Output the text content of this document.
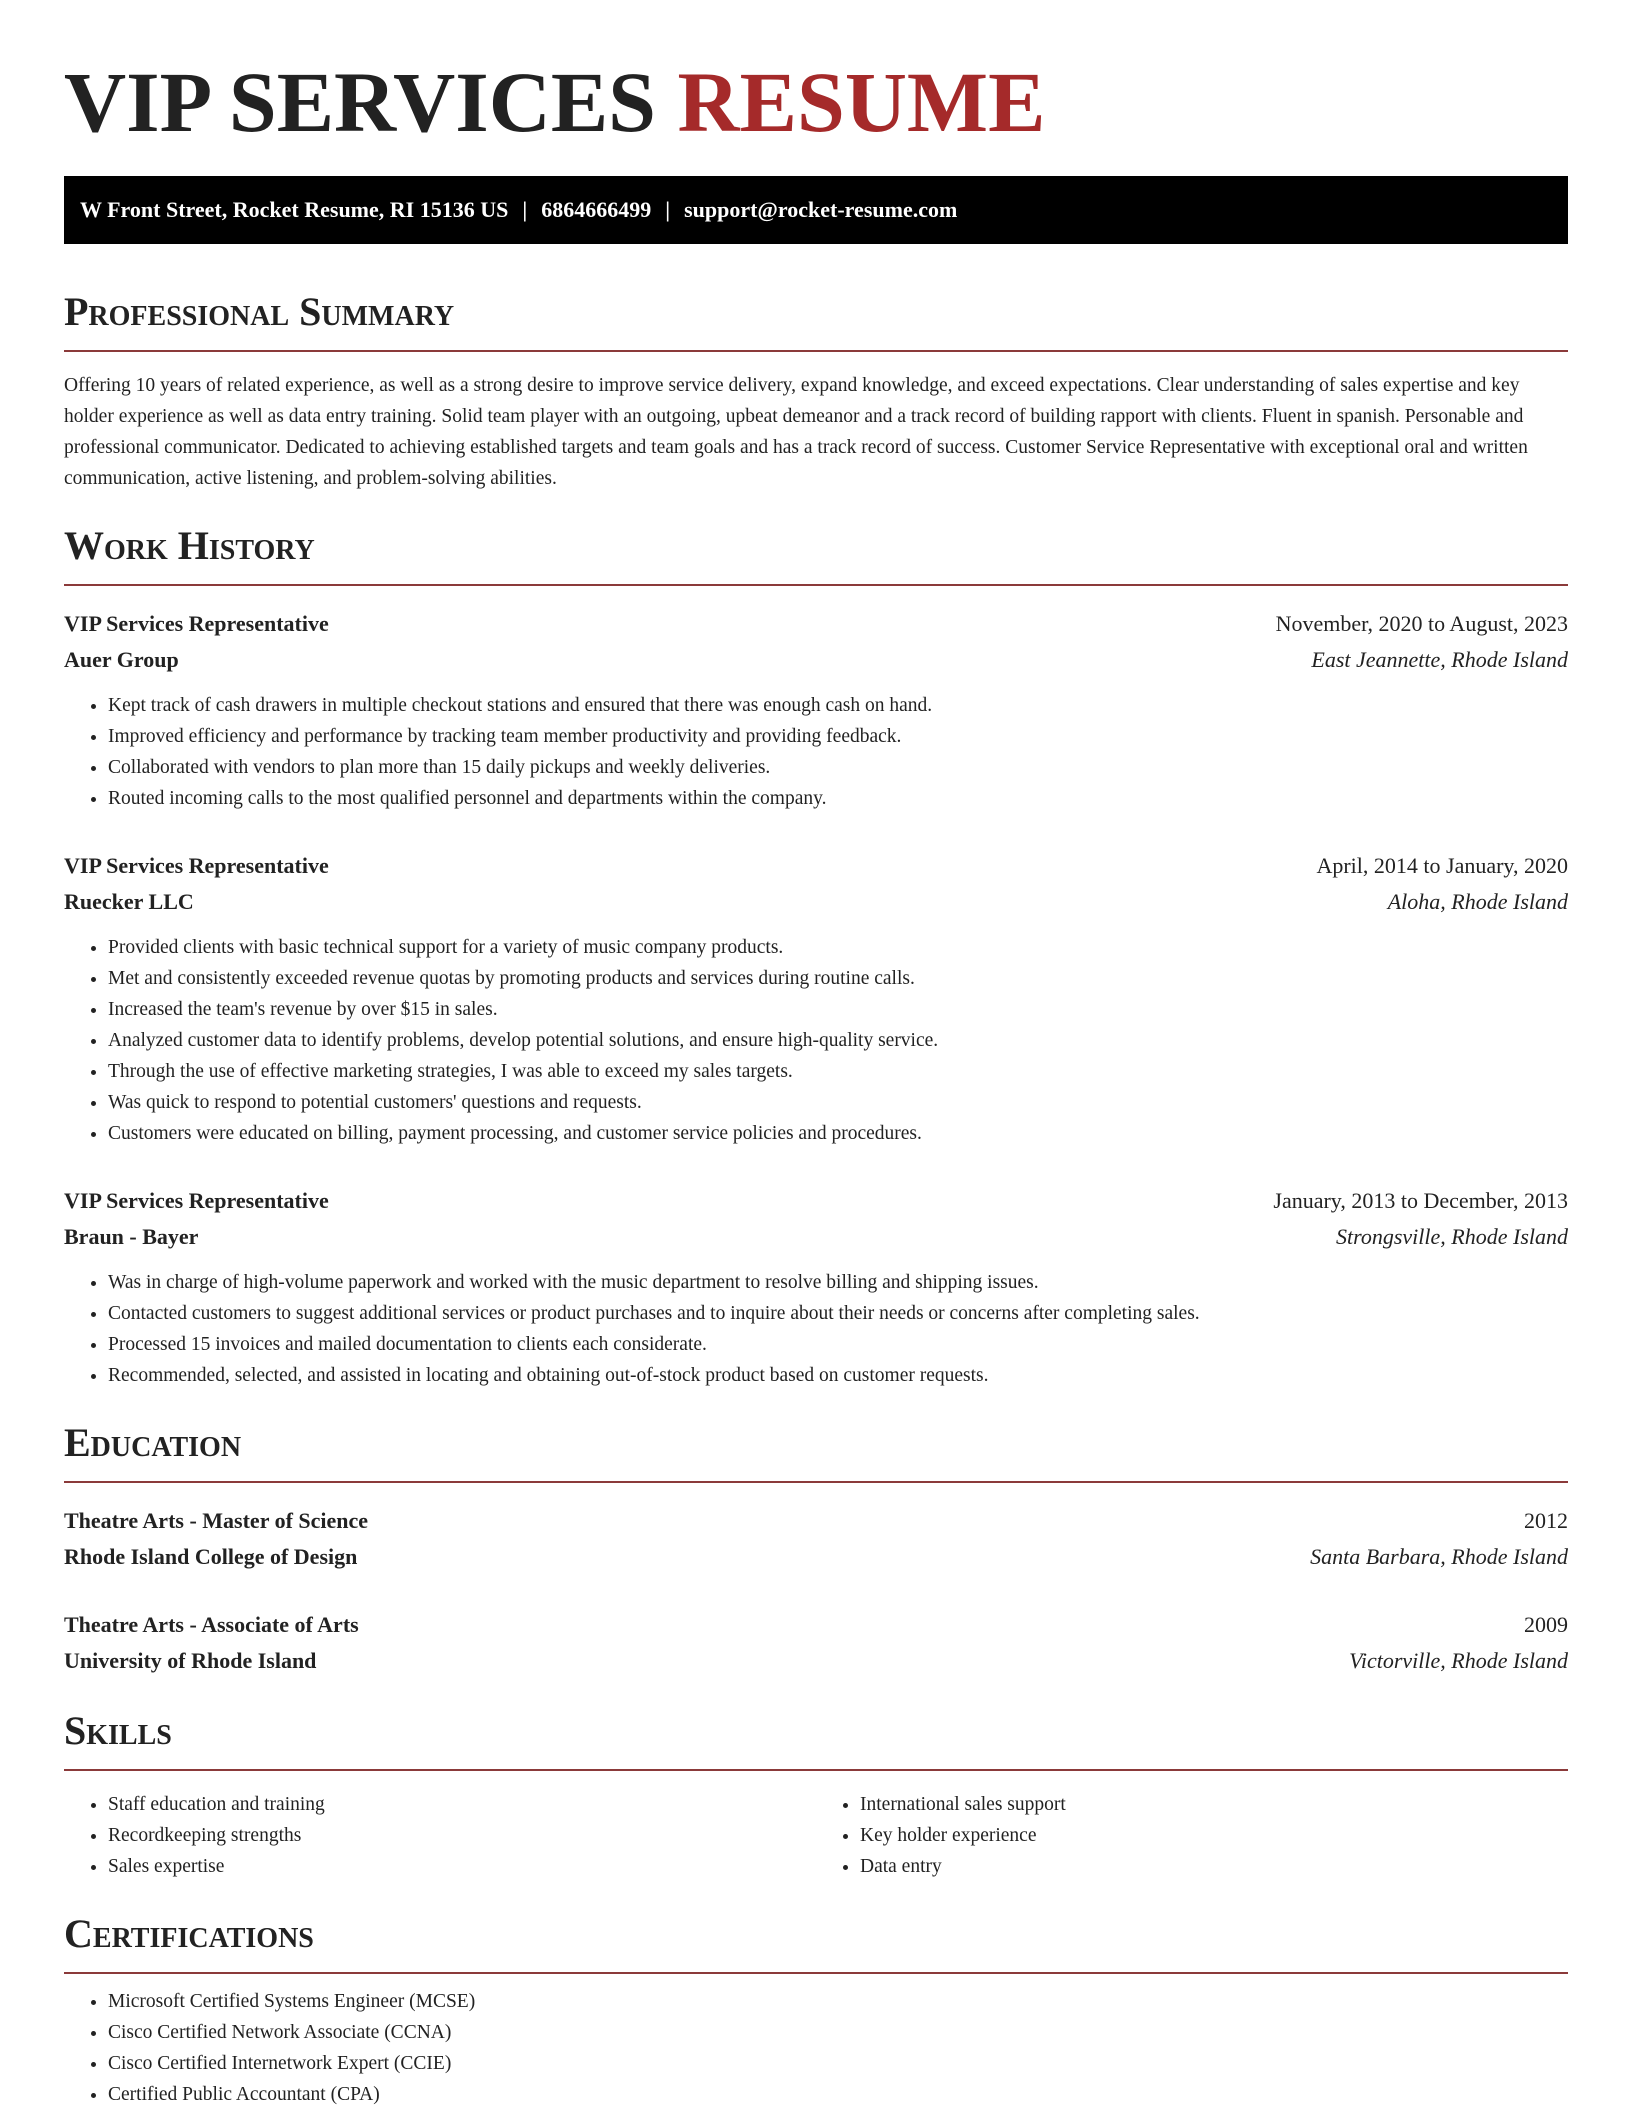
VIP SERVICES RESUME
W Front Street, Rocket Resume, RI 15136 US | 6864666499 | support@rocket-resume.com
Professional Summary

Offering 10 years of related experience, as well as a strong desire to improve service delivery, expand knowledge, and exceed expectations. Clear understanding of sales expertise and key holder experience as well as data entry training. Solid team player with an outgoing, upbeat demeanor and a track record of building rapport with clients. Fluent in spanish. Personable and professional communicator. Dedicated to achieving established targets and team goals and has a track record of success. Customer Service Representative with exceptional oral and written communication, active listening, and problem-solving abilities.

Work History
VIP Services Representative	November, 2020 to August, 2023
Auer Group	East Jeannette, Rhode Island
• Kept track of cash drawers in multiple checkout stations and ensured that there was enough cash on hand.
• Improved efficiency and performance by tracking team member productivity and providing feedback.
• Collaborated with vendors to plan more than 15 daily pickups and weekly deliveries.
• Routed incoming calls to the most qualified personnel and departments within the company.
VIP Services Representative	April, 2014 to January, 2020
Ruecker LLC	Aloha, Rhode Island
• Provided clients with basic technical support for a variety of music company products.
• Met and consistently exceeded revenue quotas by promoting products and services during routine calls.
• Increased the team's revenue by over $15 in sales.
• Analyzed customer data to identify problems, develop potential solutions, and ensure high-quality service.
• Through the use of effective marketing strategies, I was able to exceed my sales targets.
• Was quick to respond to potential customers' questions and requests.
• Customers were educated on billing, payment processing, and customer service policies and procedures.
VIP Services Representative	January, 2013 to December, 2013
Braun - Bayer	Strongsville, Rhode Island
• Was in charge of high-volume paperwork and worked with the music department to resolve billing and shipping issues.
• Contacted customers to suggest additional services or product purchases and to inquire about their needs or concerns after completing sales.
• Processed 15 invoices and mailed documentation to clients each considerate.
• Recommended, selected, and assisted in locating and obtaining out-of-stock product based on customer requests.
Education
Theatre Arts - Master of Science	2012
Rhode Island College of Design	Santa Barbara, Rhode Island
Theatre Arts - Associate of Arts	2009
University of Rhode Island	Victorville, Rhode Island
Skills
• Staff education and training
• Recordkeeping strengths
• Sales expertise
• International sales support
• Key holder experience
• Data entry
Certifications
• Microsoft Certified Systems Engineer (MCSE)
• Cisco Certified Network Associate (CCNA)
• Cisco Certified Internetwork Expert (CCIE)
• Certified Public Accountant (CPA)
